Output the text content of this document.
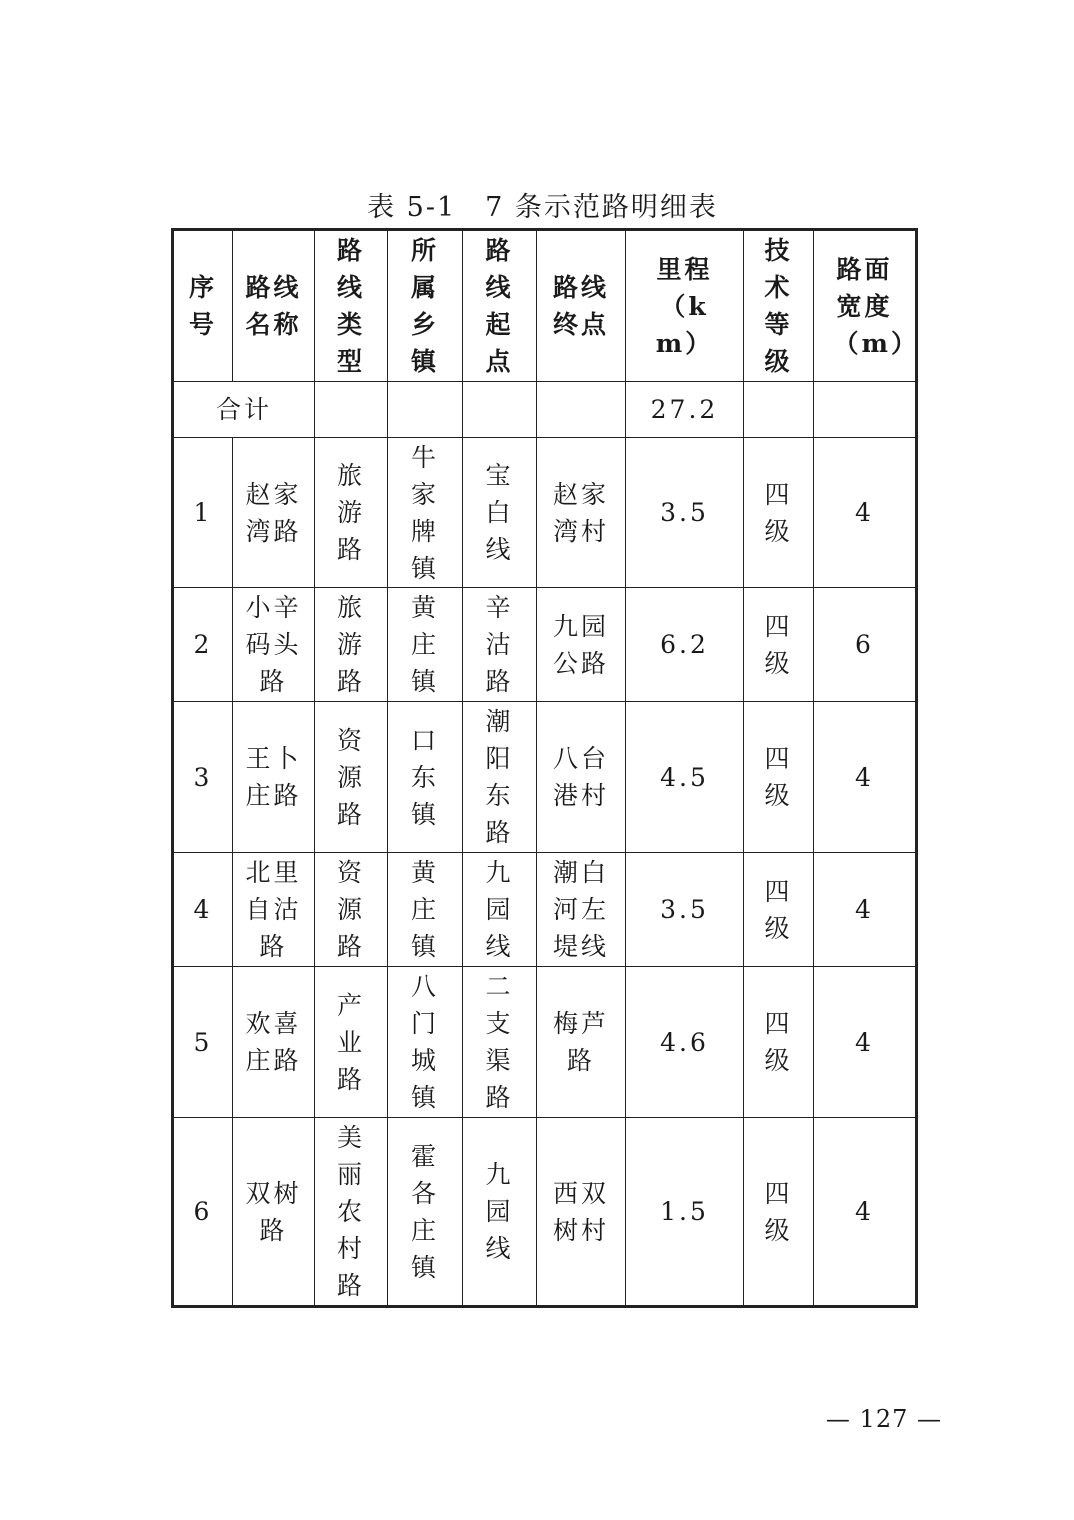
表 5-1　7 条示范路明细表
序号	路线名称	路线类型	所属乡镇	路线起点	路线终点	里程（km）	技术等级	路面宽度（m）

合计						27.2		
1	赵家湾路	旅游路	牛家牌镇	宝白线	赵家湾村	3.5	四级	4
2	小辛码头路	旅游路	黄庄镇	辛沽路	九园公路	6.2	四级	6
3	王卜庄路	资源路	口东镇	潮阳东路	八台港村	4.5	四级	4
4	北里自沽路	资源路	黄庄镇	九园线	潮白河左堤线	3.5	四级	4
5	欢喜庄路	产业路	八门城镇	二支渠路	梅芦路	4.6	四级	4
6	双树路	美丽农村路	霍各庄镇	九园线	西双树村	1.5	四级	4
— 127 —
